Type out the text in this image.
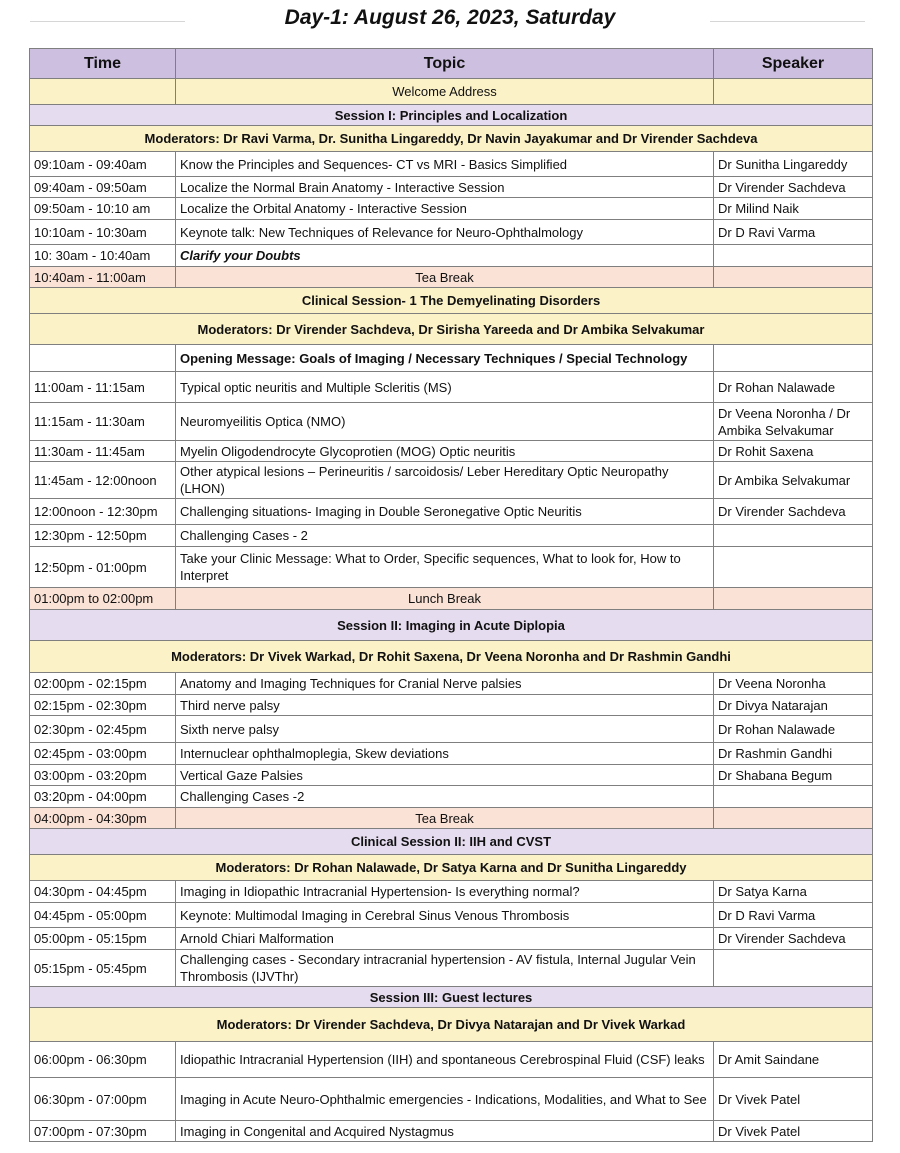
Day-1: August 26, 2023, Saturday
Time	Topic	Speaker
	Welcome Address	
Session I: Principles and Localization		
Moderators: Dr Ravi Varma, Dr. Sunitha Lingareddy, Dr Navin Jayakumar and Dr Virender Sachdeva		
09:10am - 09:40am	Know the Principles and Sequences- CT vs MRI - Basics Simplified	Dr Sunitha Lingareddy
09:40am - 09:50am	Localize the Normal Brain Anatomy - Interactive Session	Dr Virender Sachdeva
09:50am - 10:10 am	Localize the Orbital Anatomy - Interactive Session	Dr Milind Naik
10:10am - 10:30am	Keynote talk: New Techniques of Relevance for Neuro-Ophthalmology	Dr D Ravi Varma
10: 30am - 10:40am	Clarify your Doubts	
10:40am - 11:00am	Tea Break	
Clinical Session- 1 The Demyelinating Disorders		
Moderators: Dr Virender Sachdeva, Dr Sirisha Yareeda and Dr Ambika Selvakumar		
	Opening Message: Goals of Imaging / Necessary Techniques / Special Technology	
11:00am - 11:15am	Typical optic neuritis and Multiple Scleritis (MS)	Dr Rohan Nalawade
11:15am - 11:30am	Neuromyeilitis Optica (NMO)	Dr Veena Noronha / Dr Ambika Selvakumar
11:30am - 11:45am	Myelin Oligodendrocyte Glycoprotien (MOG) Optic neuritis	Dr Rohit Saxena
11:45am - 12:00noon	Other atypical lesions – Perineuritis / sarcoidosis/ Leber Hereditary Optic Neuropathy (LHON)	Dr Ambika Selvakumar
12:00noon - 12:30pm	Challenging situations- Imaging in Double Seronegative Optic Neuritis	Dr Virender Sachdeva
12:30pm - 12:50pm	Challenging Cases - 2	
12:50pm - 01:00pm	Take your Clinic Message: What to Order, Specific sequences, What to look for, How to Interpret	
01:00pm to 02:00pm	Lunch Break	
Session II: Imaging in Acute Diplopia		
Moderators: Dr Vivek Warkad, Dr Rohit Saxena, Dr Veena Noronha and Dr Rashmin Gandhi		
02:00pm - 02:15pm	Anatomy and Imaging Techniques for Cranial Nerve palsies	Dr Veena Noronha
02:15pm - 02:30pm	Third nerve palsy	Dr Divya Natarajan
02:30pm - 02:45pm	Sixth nerve palsy	Dr Rohan Nalawade
02:45pm - 03:00pm	Internuclear ophthalmoplegia, Skew deviations	Dr Rashmin Gandhi
03:00pm - 03:20pm	Vertical Gaze Palsies	Dr Shabana Begum
03:20pm - 04:00pm	Challenging Cases -2	
04:00pm - 04:30pm	Tea Break	
Clinical Session II: IIH and CVST		
Moderators: Dr Rohan Nalawade, Dr Satya Karna and Dr Sunitha Lingareddy		
04:30pm - 04:45pm	Imaging in Idiopathic Intracranial Hypertension- Is everything normal?	Dr Satya Karna
04:45pm - 05:00pm	Keynote: Multimodal Imaging in Cerebral Sinus Venous Thrombosis	Dr D Ravi Varma
05:00pm - 05:15pm	Arnold Chiari Malformation	Dr Virender Sachdeva
05:15pm - 05:45pm	Challenging cases - Secondary intracranial hypertension - AV fistula, Internal Jugular Vein Thrombosis (IJVThr)	
Session III: Guest lectures		
Moderators: Dr Virender Sachdeva, Dr Divya Natarajan and Dr Vivek Warkad		
06:00pm - 06:30pm	Idiopathic Intracranial Hypertension (IIH) and spontaneous Cerebrospinal Fluid (CSF) leaks	Dr Amit Saindane
06:30pm - 07:00pm	Imaging in Acute Neuro-Ophthalmic emergencies - Indications, Modalities, and What to See	Dr Vivek Patel
07:00pm - 07:30pm	Imaging in Congenital and Acquired Nystagmus	Dr Vivek Patel
